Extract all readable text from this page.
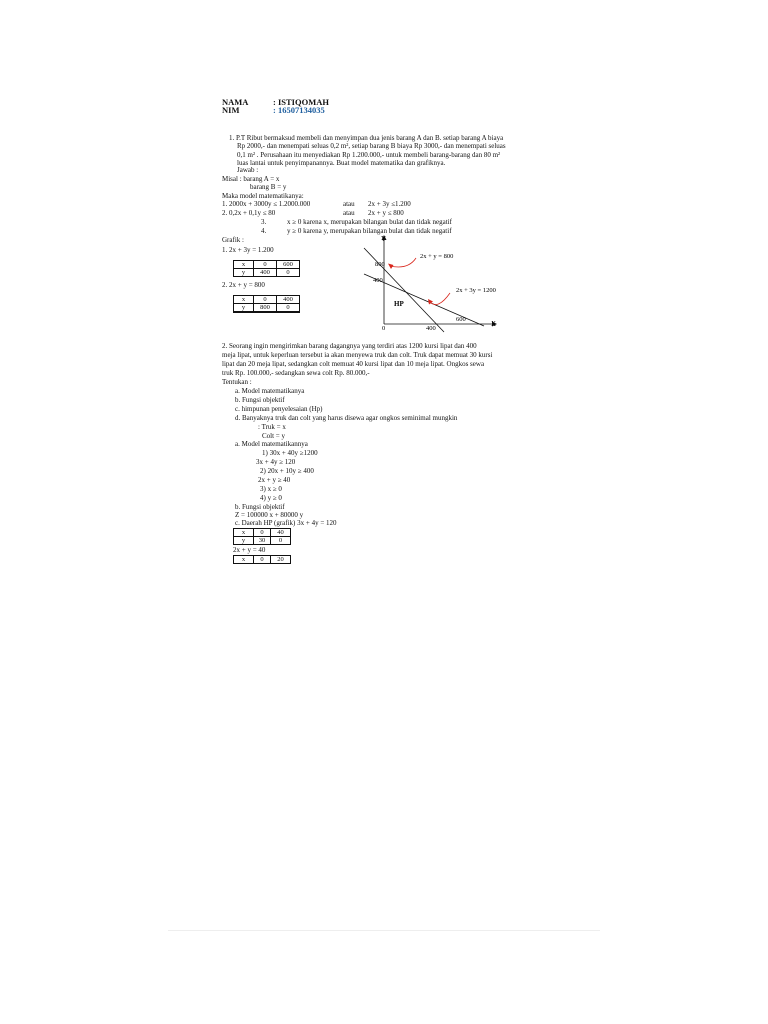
NAMA	: ISTIQOMAH
NIM	: 16507134035
1. P.T Ribut bermaksud membeli dan menyimpan dua jenis barang A dan B. setiap barang A biaya
Rp 2000,- dan menempati seluas 0,2 m², setiap barang B biaya Rp 3000,- dan menempati seluas
0,1 m² . Perusahaan itu menyediakan Rp 1.200.000,- untuk membeli barang-barang dan 80 m²
luas lantai untuk penyimpanannya. Buat model matematika dan grafiknya.
Jawab :
Misal : barang A = x
barang B = y
Maka model matematikanya:
1. 2000x + 3000y ≤ 1.2000.000	atau 2x + 3y ≤1.200
2. 0,2x + 0,1y ≤ 80	atau 2x + y ≤ 800
3.	x ≥ 0 karena x, merupakan bilangan bulat dan tidak negatif
4.	y ≥ 0 karena y, merupakan bilangan bulat dan tidak negatif
Grafik :
1. 2x + 3y = 1.200
x	0	600
y	400	0
2. 2x + y = 800
x	0	400
y	800	0
Y
X
800
400
0	400
600
HP
2x + y = 800
2x + 3y = 1200
2. Seorang ingin mengirimkan barang dagangnya yang terdiri atas 1200 kursi lipat dan 400
meja lipat, untuk keperluan tersebut ia akan menyewa truk dan colt. Truk dapat memuat 30 kursi
lipat dan 20 meja lipat, sedangkan colt memuat 40 kursi lipat dan 10 meja lipat. Ongkos sewa
truk Rp. 100.000,- sedangkan sewa colt Rp. 80.000,-
Tentukan :
a. Model matematikanya
b. Fungsi objektif
c. himpunan penyelesaian (Hp)
d. Banyaknya truk dan colt yang harus disewa agar ongkos seminimal mungkin
: Truk = x
Colt = y
a. Model matematikannya
1) 30x + 40y ≥1200
3x + 4y ≥ 120
2) 20x + 10y ≥ 400
2x + y ≥ 40
3) x ≥ 0
4) y ≥ 0
b. Fungsi objektif
Z = 100000 x + 80000 y
c. Daerah HP (grafik) 3x + 4y = 120
x	0	40
y	30	0
2x + y = 40
x	0	20
